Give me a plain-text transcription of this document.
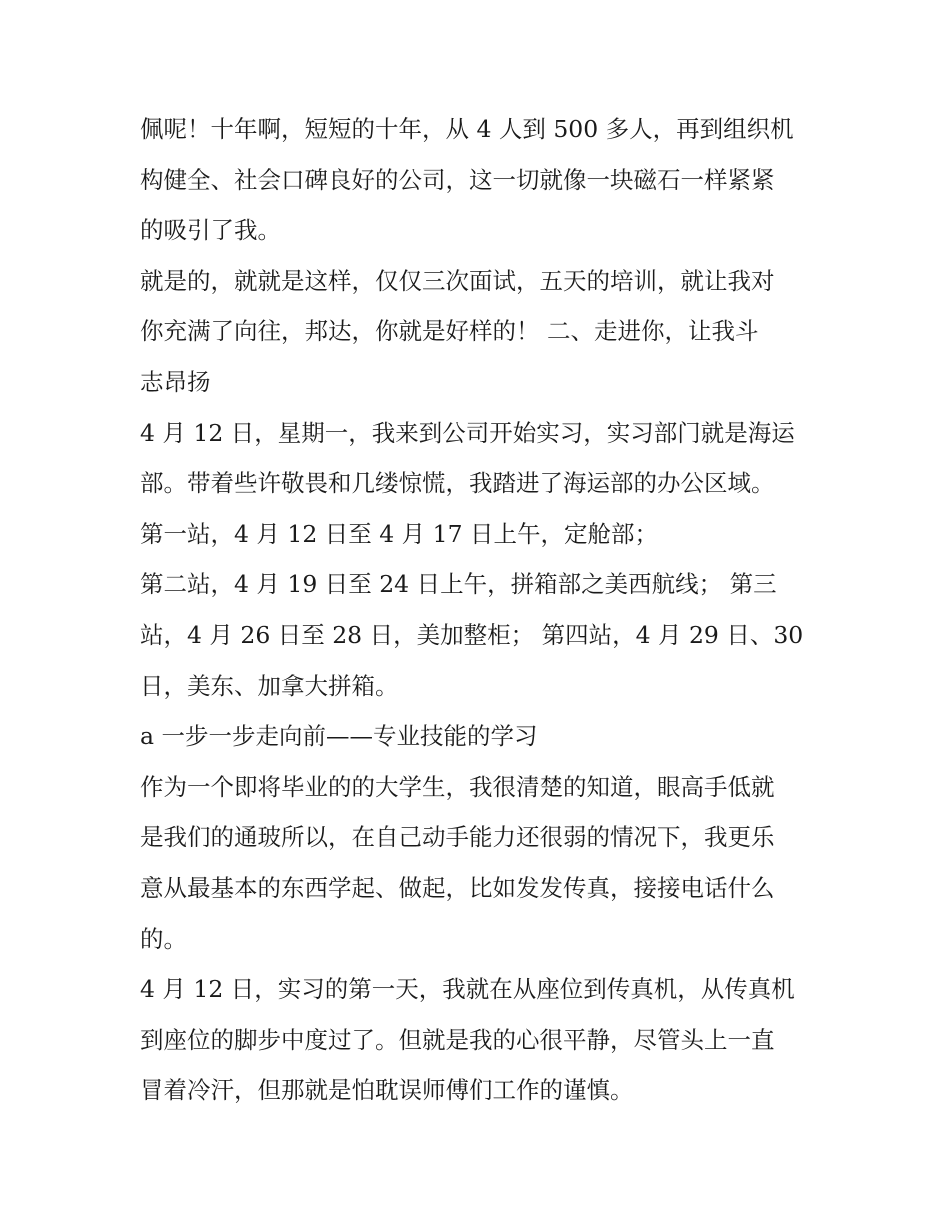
佩呢！十年啊，短短的十年，从 4 人到 500 多人，再到组织机
构健全、社会口碑良好的公司，这一切就像一块磁石一样紧紧
的吸引了我。

就是的，就就是这样，仅仅三次面试，五天的培训，就让我对
你充满了向往，邦达，你就是好样的！ 二、走进你，让我斗
志昂扬

4 月 12 日，星期一，我来到公司开始实习，实习部门就是海运
部。带着些许敬畏和几缕惊慌，我踏进了海运部的办公区域。

第一站，4 月 12 日至 4 月 17 日上午，定舱部；

第二站，4 月 19 日至 24 日上午，拼箱部之美西航线； 第三
站，4 月 26 日至 28 日，美加整柜； 第四站，4 月 29 日、30
日，美东、加拿大拼箱。

a 一步一步走向前——专业技能的学习

作为一个即将毕业的的大学生，我很清楚的知道，眼高手低就
是我们的通玻所以，在自己动手能力还很弱的情况下，我更乐
意从最基本的东西学起、做起，比如发发传真，接接电话什么
的。

4 月 12 日，实习的第一天，我就在从座位到传真机，从传真机
到座位的脚步中度过了。但就是我的心很平静，尽管头上一直
冒着冷汗，但那就是怕耽误师傅们工作的谨慎。
